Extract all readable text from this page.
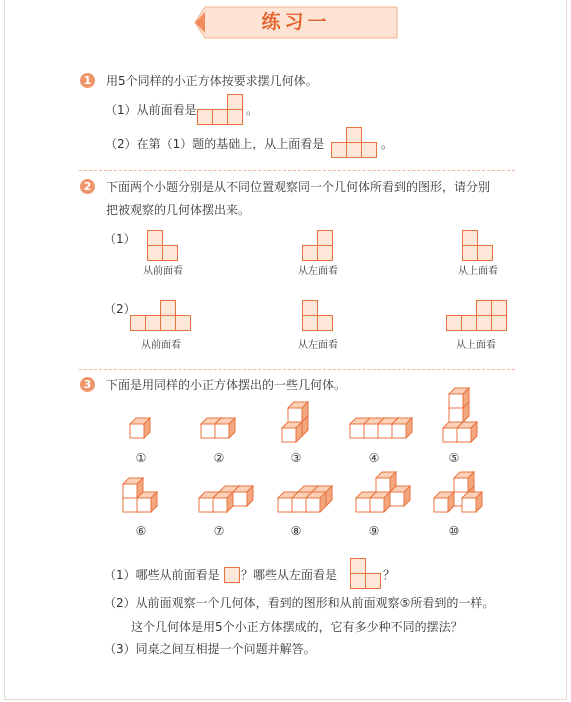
练习一
1	用5个同样的小正方体按要求摆几何体。
（1）从前面看是	。
（2）在第（1）题的基础上，从上面看是	。
2	下面两个小题分别是从不同位置观察同一个几何体所看到的图形，请分别
把被观察的几何体摆出来。
（1）
从前面看	从左面看	从上面看
（2）
从前面看	从左面看	从上面看
3	下面是用同样的小正方体摆出的一些几何体。
①	②	③	④	⑤
⑥	⑦	⑧	⑨	⑩
（1）哪些从前面看是 ？哪些从左面看是	？
（2）从前面观察一个几何体，看到的图形和从前面观察⑤所看到的一样。
这个几何体是用5个小正方体摆成的，它有多少种不同的摆法？
（3）同桌之间互相提一个问题并解答。
